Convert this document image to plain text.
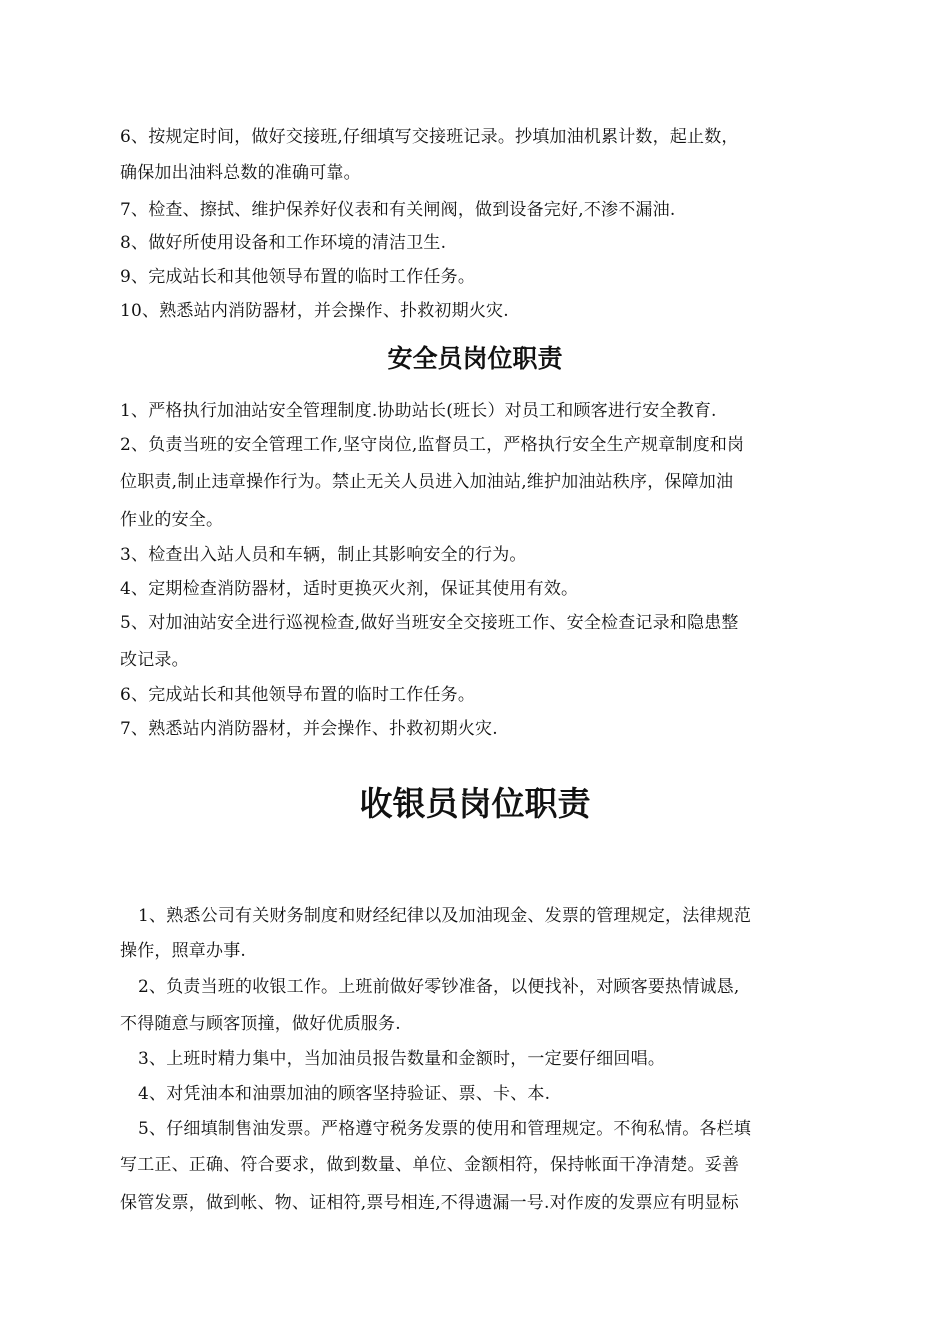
6、按规定时间，做好交接班,仔细填写交接班记录。抄填加油机累计数，起止数，
确保加出油料总数的准确可靠。
7、检查、擦拭、维护保养好仪表和有关闸阀，做到设备完好,不渗不漏油.
8、做好所使用设备和工作环境的清洁卫生.
9、完成站长和其他领导布置的临时工作任务。
10、熟悉站内消防器材，并会操作、扑救初期火灾.
安全员岗位职责
1、严格执行加油站安全管理制度.协助站长(班长）对员工和顾客进行安全教育.
2、负责当班的安全管理工作,坚守岗位,监督员工，严格执行安全生产规章制度和岗
位职责,制止违章操作行为。禁止无关人员进入加油站,维护加油站秩序，保障加油
作业的安全。
3、检查出入站人员和车辆，制止其影响安全的行为。
4、定期检查消防器材，适时更换灭火剂，保证其使用有效。
5、对加油站安全进行巡视检查,做好当班安全交接班工作、安全检查记录和隐患整
改记录。
6、完成站长和其他领导布置的临时工作任务。
7、熟悉站内消防器材，并会操作、扑救初期火灾.
收银员岗位职责
1、熟悉公司有关财务制度和财经纪律以及加油现金、发票的管理规定，法律规范
操作，照章办事.
2、负责当班的收银工作。上班前做好零钞准备，以便找补，对顾客要热情诚恳,
不得随意与顾客顶撞，做好优质服务.
3、上班时精力集中，当加油员报告数量和金额时，一定要仔细回唱。
4、对凭油本和油票加油的顾客坚持验证、票、卡、本.
5、仔细填制售油发票。严格遵守税务发票的使用和管理规定。不徇私情。各栏填
写工正、正确、符合要求，做到数量、单位、金额相符，保持帐面干净清楚。妥善
保管发票，做到帐、物、证相符,票号相连,不得遗漏一号.对作废的发票应有明显标
